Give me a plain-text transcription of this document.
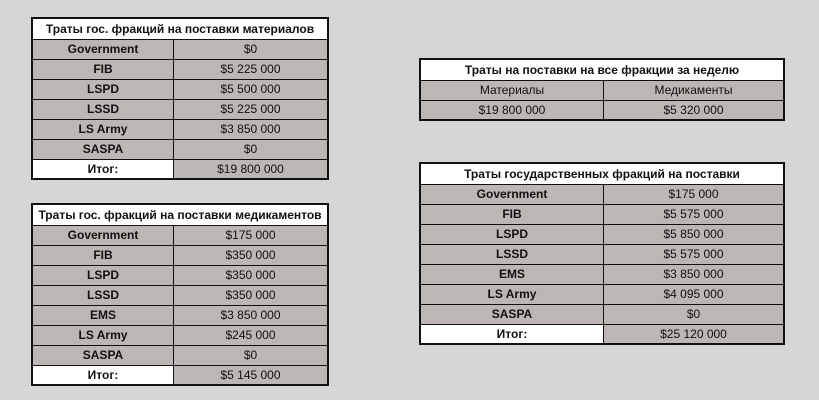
Траты гос. фракций на поставки материалов	
Government	$0
FIB	$5 225 000
LSPD	$5 500 000
LSSD	$5 225 000
LS Army	$3 850 000
SASPA	$0
Итог:	$19 800 000
Траты гос. фракций на поставки медикаментов	
Government	$175 000
FIB	$350 000
LSPD	$350 000
LSSD	$350 000
EMS	$3 850 000
LS Army	$245 000
SASPA	$0
Итог:	$5 145 000
Траты на поставки на все фракции за неделю	
Материалы	Медикаменты
$19 800 000	$5 320 000
Траты государственных фракций на поставки	
Government	$175 000
FIB	$5 575 000
LSPD	$5 850 000
LSSD	$5 575 000
EMS	$3 850 000
LS Army	$4 095 000
SASPA	$0
Итог:	$25 120 000
